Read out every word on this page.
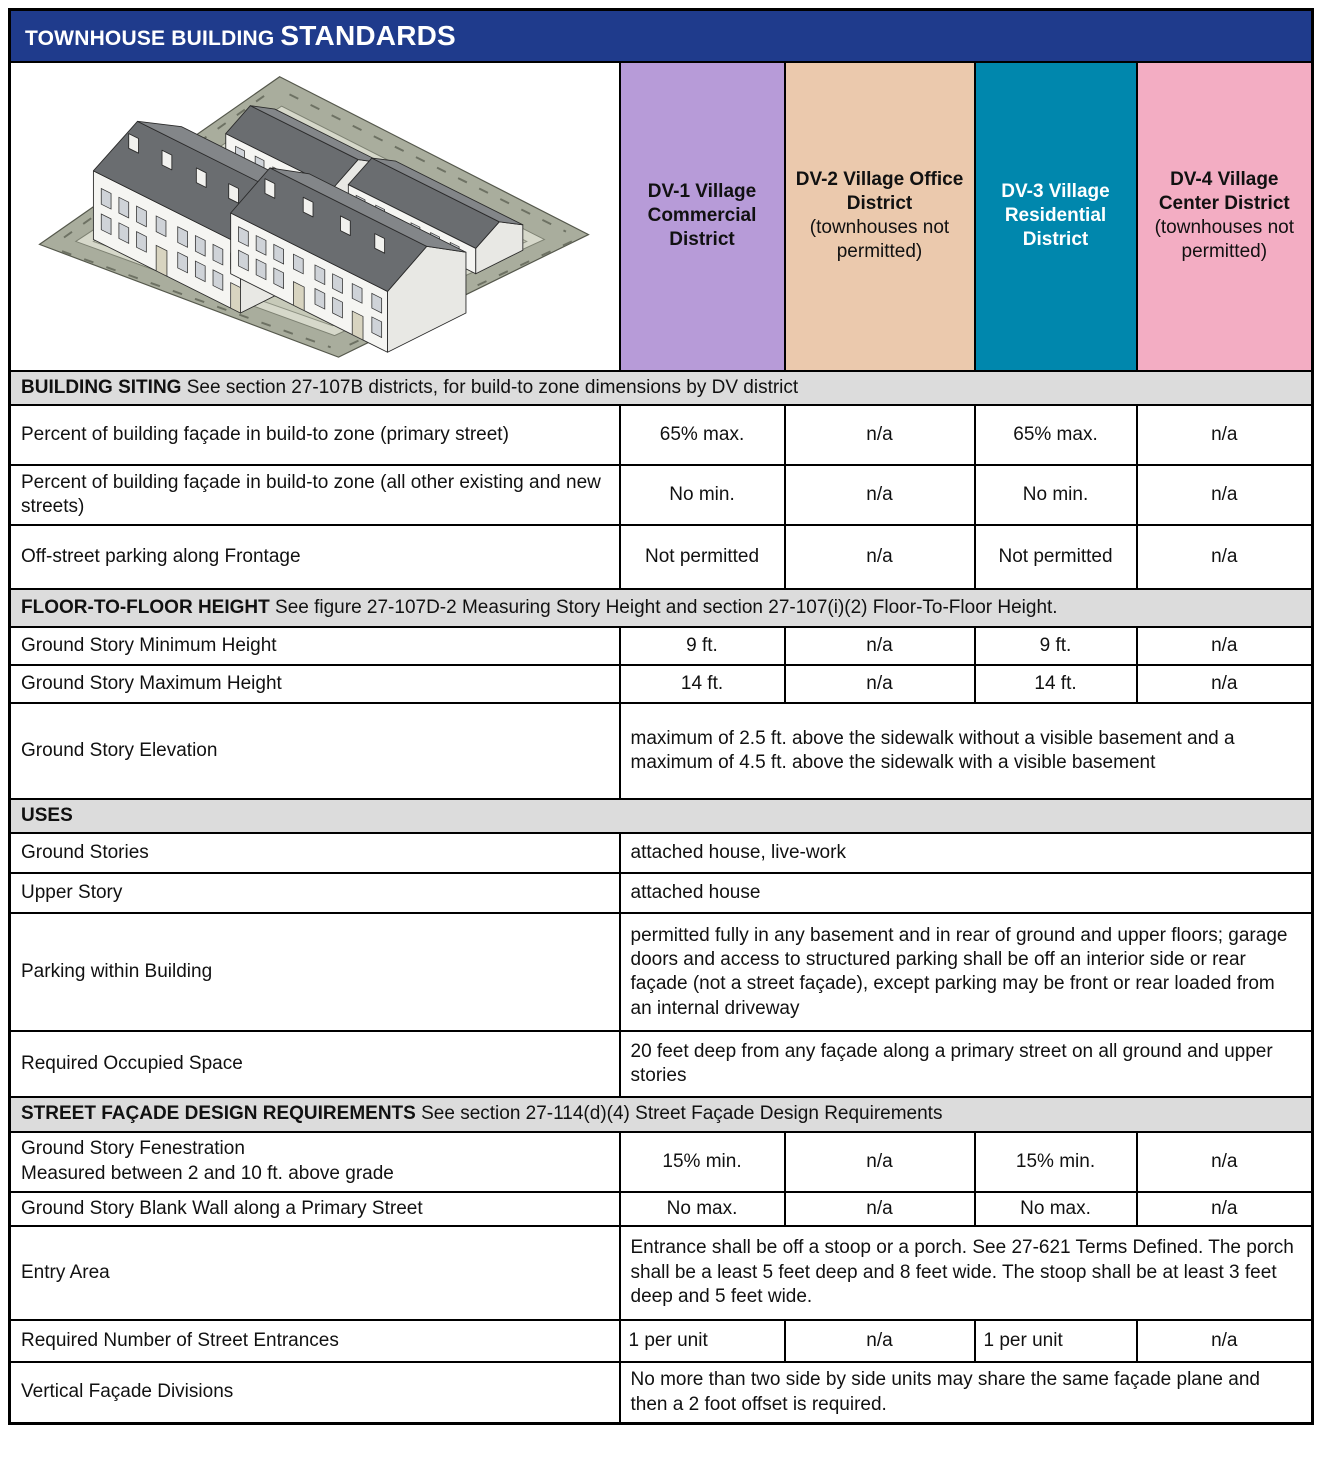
TOWNHOUSE BUILDING STANDARDS				
	DV-1 Village Commercial District	DV-2 Village Office District (townhouses not permitted)	DV-3 Village Residential District	DV-4 Village Center District (townhouses not permitted)
BUILDING SITING See section 27-107B districts, for build-to zone dimensions by DV district				
Percent of building façade in build-to zone (primary street)	65% max.	n/a	65% max.	n/a
Percent of building façade in build-to zone (all other existing and new streets)	No min.	n/a	No min.	n/a
Off-street parking along Frontage	Not permitted	n/a	Not permitted	n/a
FLOOR-TO-FLOOR HEIGHT See figure 27-107D-2 Measuring Story Height and section 27-107(i)(2) Floor-To-Floor Height.				
Ground Story Minimum Height	9 ft.	n/a	9 ft.	n/a
Ground Story Maximum Height	14 ft.	n/a	14 ft.	n/a
Ground Story Elevation	maximum of 2.5 ft. above the sidewalk without a visible basement and a maximum of 4.5 ft. above the sidewalk with a visible basement			
USES				
Ground Stories	attached house, live-work			
Upper Story	attached house			
Parking within Building	permitted fully in any basement and in rear of ground and upper floors; garage doors and access to structured parking shall be off an interior side or rear façade (not a street façade), except parking may be front or rear loaded from an internal driveway			
Required Occupied Space	20 feet deep from any façade along a primary street on all ground and upper stories			
STREET FAÇADE DESIGN REQUIREMENTS See section 27-114(d)(4) Street Façade Design Requirements				

Ground Story Fenestration
Measured between 2 and 10 ft. above grade	15% min.	n/a	15% min.	n/a
Ground Story Blank Wall along a Primary Street	No max.	n/a	No max.	n/a
Entry Area	Entrance shall be off a stoop or a porch. See 27-621 Terms Defined. The porch shall be a least 5 feet deep and 8 feet wide. The stoop shall be at least 3 feet deep and 5 feet wide.			
Required Number of Street Entrances	1 per unit	n/a	1 per unit	n/a
Vertical Façade Divisions	No more than two side by side units may share the same façade plane and then a 2 foot offset is required.			
